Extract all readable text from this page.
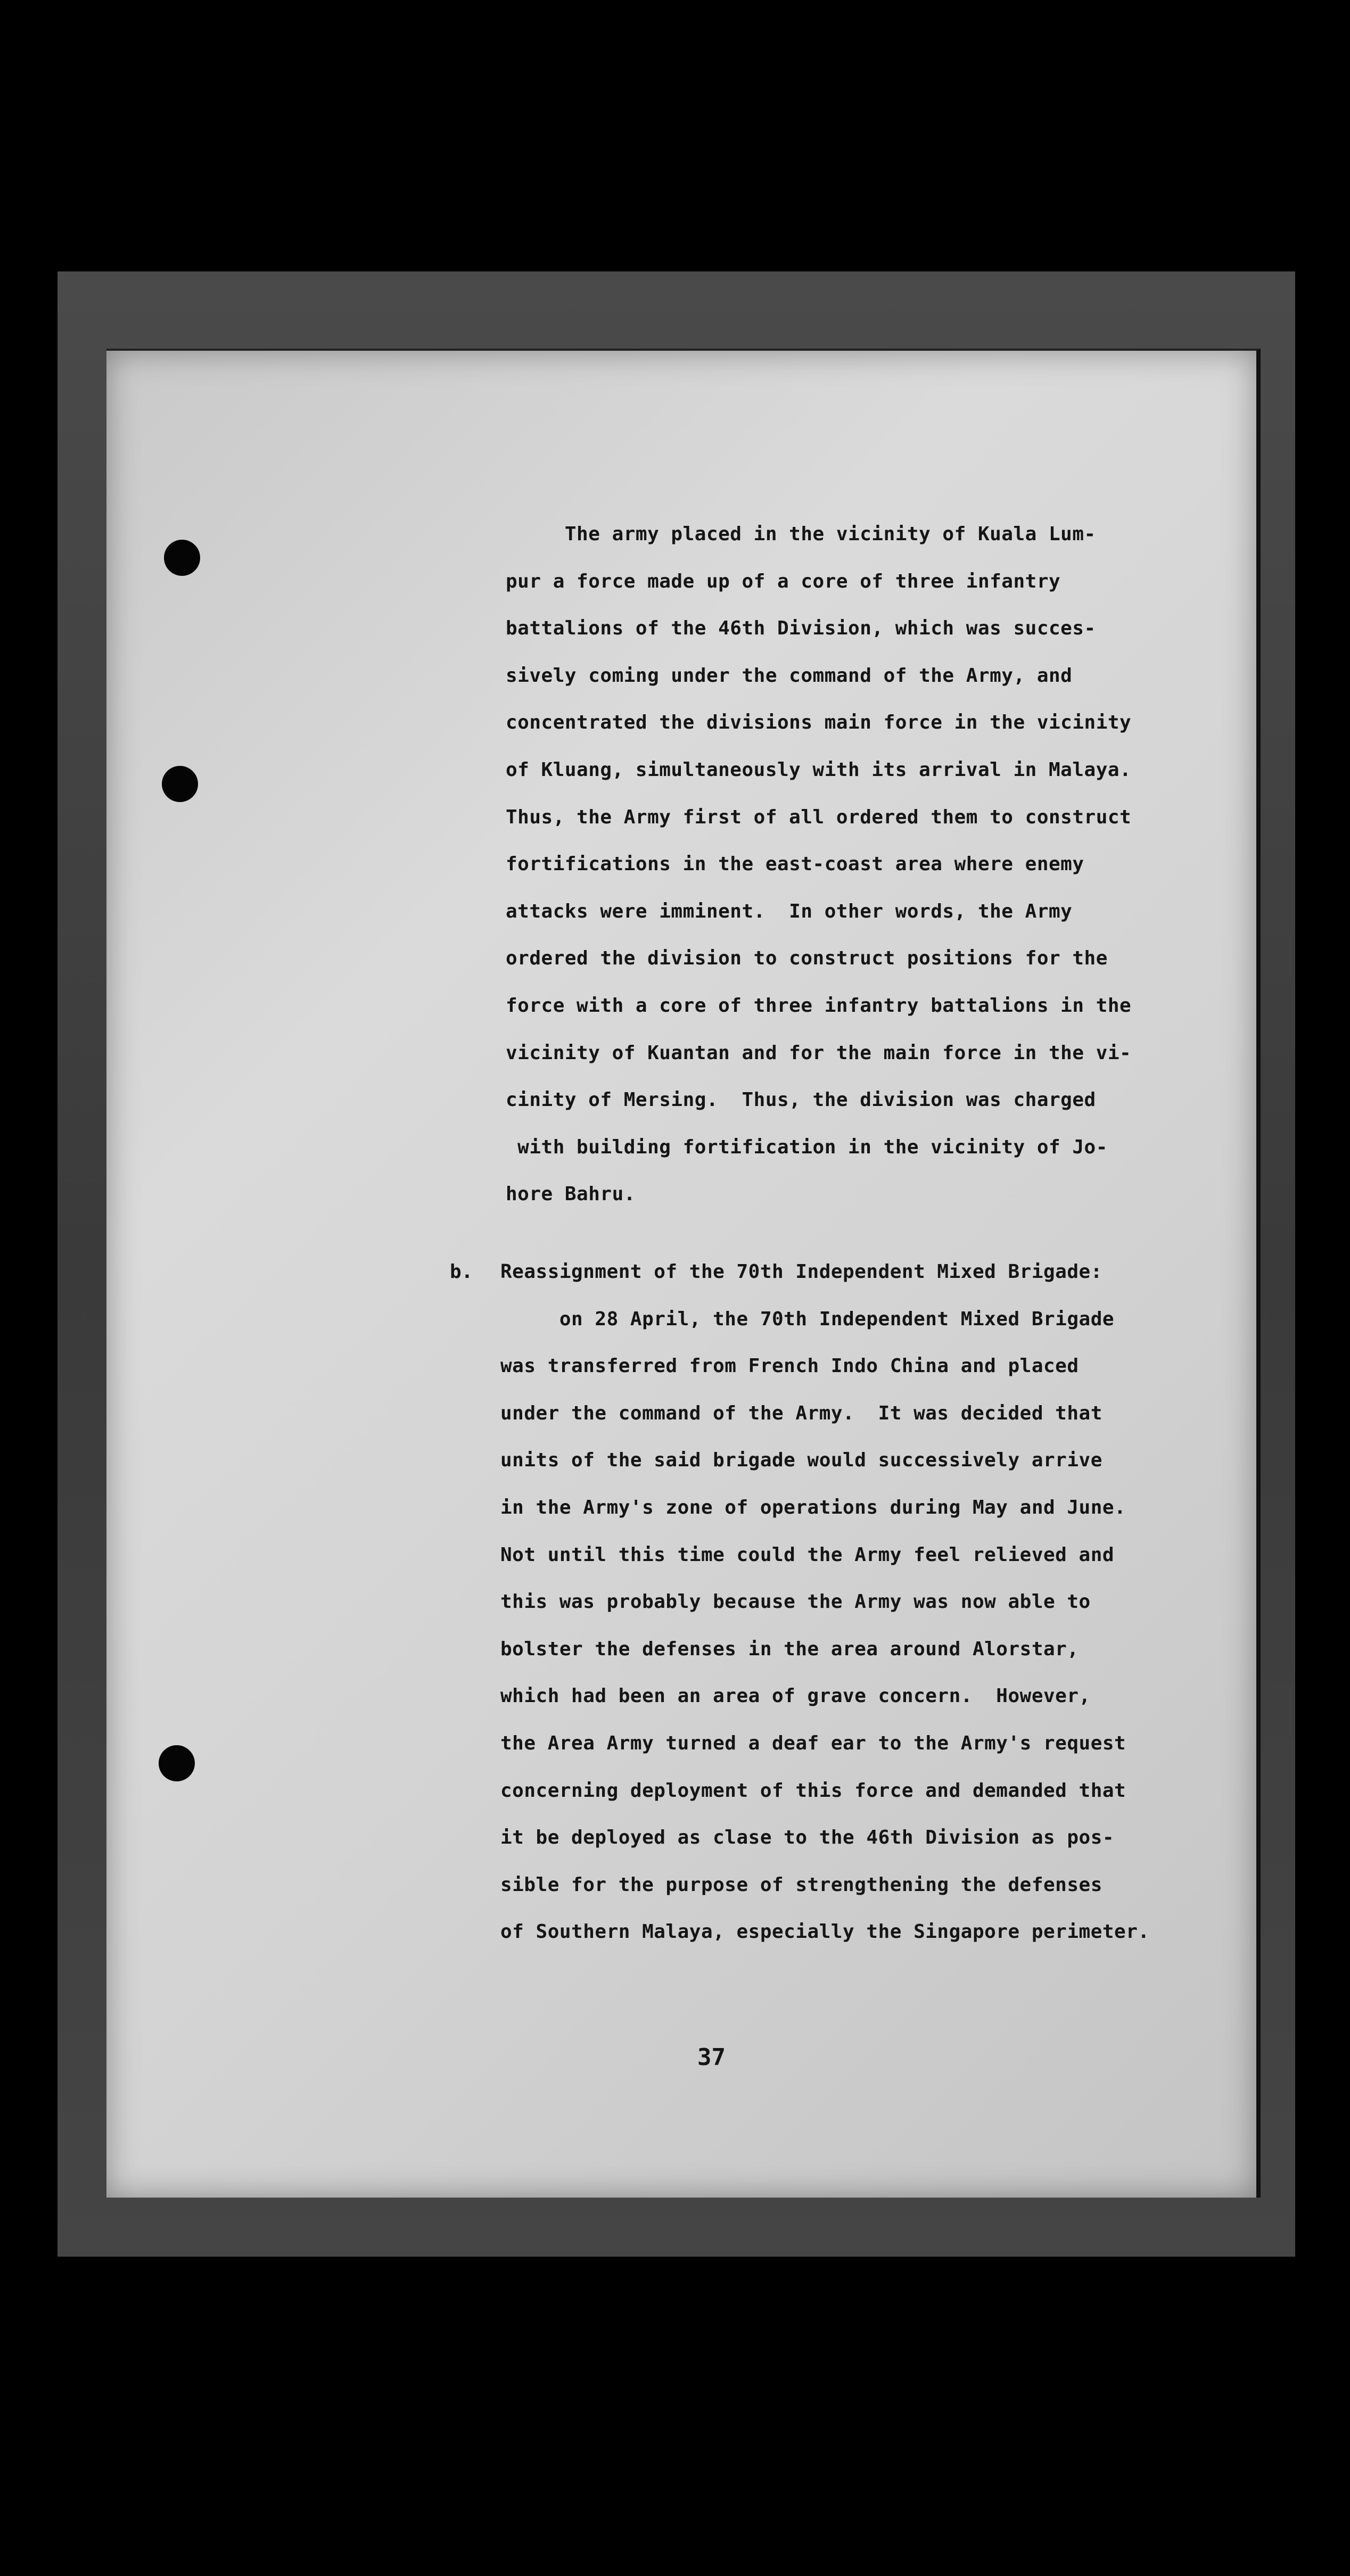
The army placed in the vicinity of Kuala Lum-
pur a force made up of a core of three infantry
battalions of the 46th Division, which was succes-
sively coming under the command of the Army, and
concentrated the divisions main force in the vicinity
of Kluang, simultaneously with its arrival in Malaya.
Thus, the Army first of all ordered them to construct
fortifications in the east-coast area where enemy
attacks were imminent.  In other words, the Army
ordered the division to construct positions for the
force with a core of three infantry battalions in the
vicinity of Kuantan and for the main force in the vi-
cinity of Mersing.  Thus, the division was charged
with building fortification in the vicinity of Jo-
hore Bahru.
b. Reassignment of the 70th Independent Mixed Brigade:
on 28 April, the 70th Independent Mixed Brigade
was transferred from French Indo China and placed
under the command of the Army.  It was decided that
units of the said brigade would successively arrive
in the Army's zone of operations during May and June.
Not until this time could the Army feel relieved and
this was probably because the Army was now able to
bolster the defenses in the area around Alorstar,
which had been an area of grave concern.  However,
the Area Army turned a deaf ear to the Army's request
concerning deployment of this force and demanded that
it be deployed as clase to the 46th Division as pos-
sible for the purpose of strengthening the defenses
of Southern Malaya, especially the Singapore perimeter.
37
